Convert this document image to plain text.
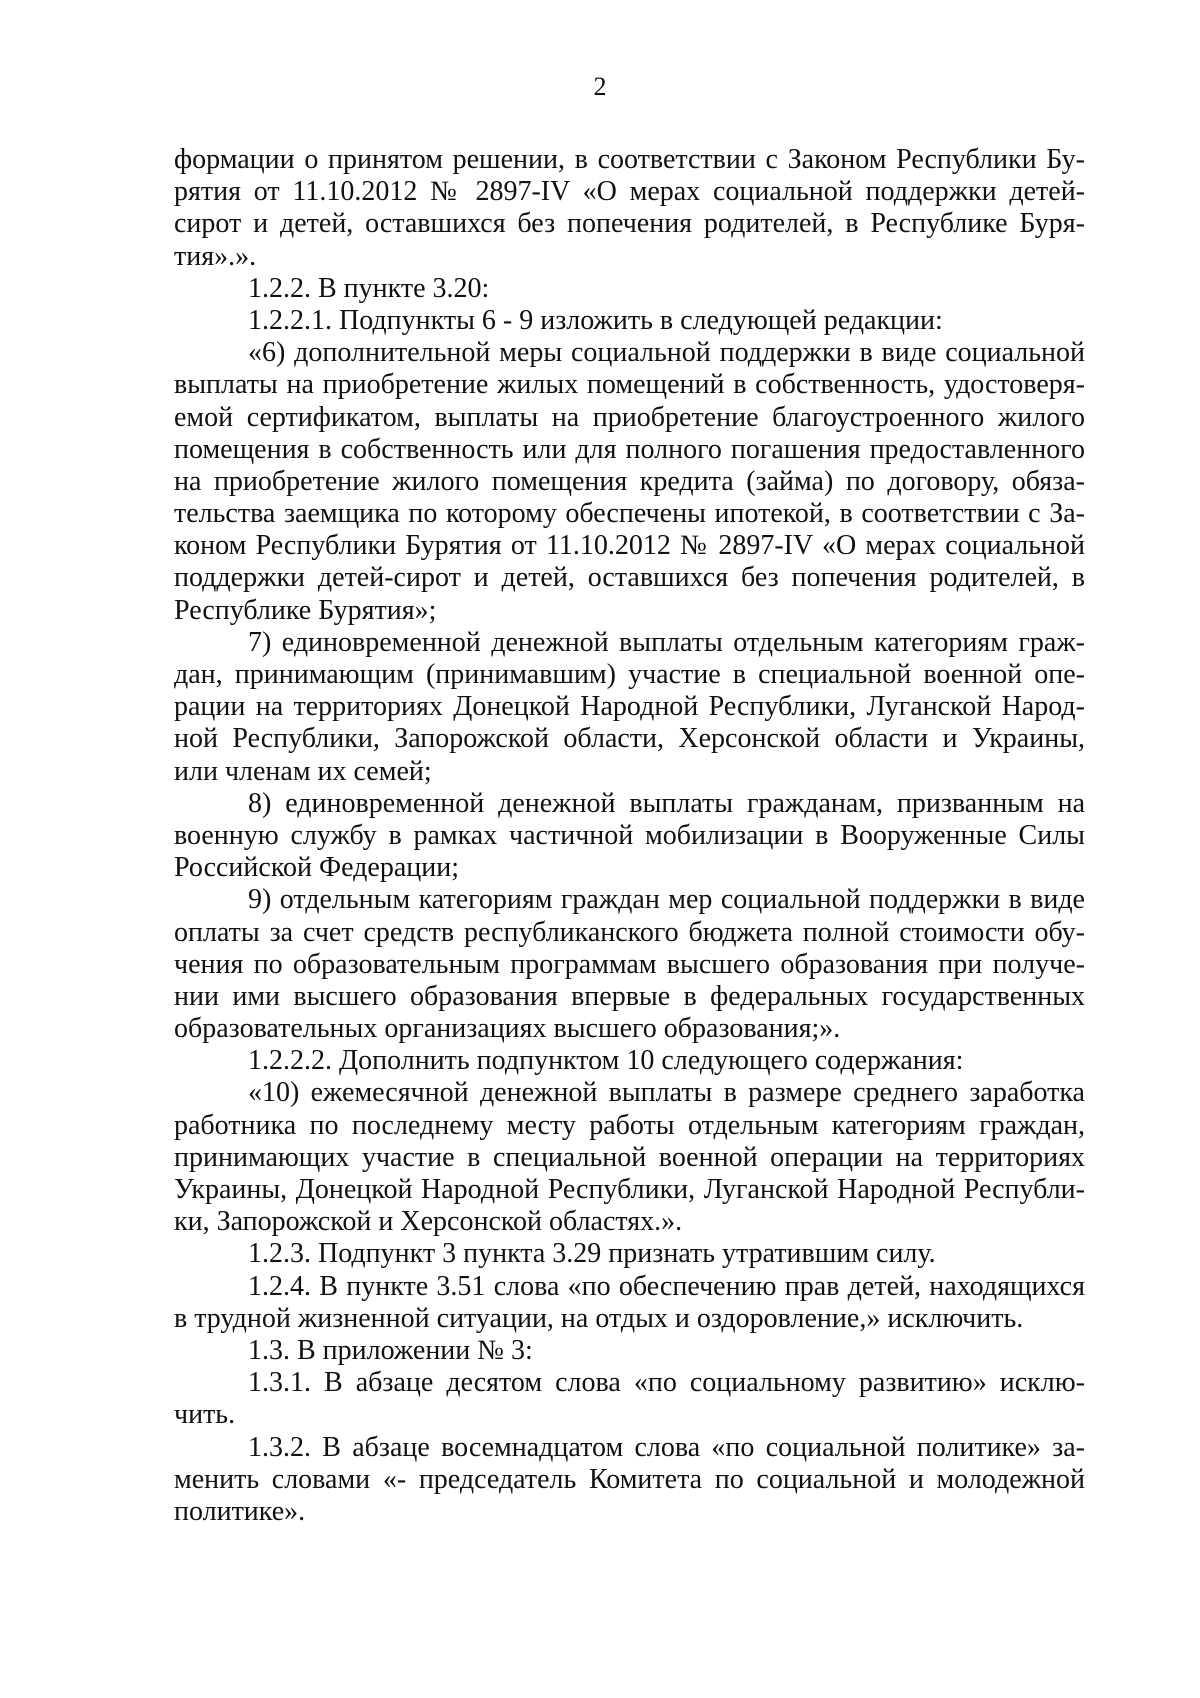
2
формации о принятом решении, в соответствии с Законом Республики Бу-
рятия от 11.10.2012 № 2897-IV «О мерах социальной поддержки детей-
сирот и детей, оставшихся без попечения родителей, в Республике Буря-
тия».».
1.2.2. В пункте 3.20:
1.2.2.1. Подпункты 6 - 9 изложить в следующей редакции:
«6) дополнительной меры социальной поддержки в виде социальной
выплаты на приобретение жилых помещений в собственность, удостоверя-
емой сертификатом, выплаты на приобретение благоустроенного жилого
помещения в собственность или для полного погашения предоставленного
на приобретение жилого помещения кредита (займа) по договору, обяза-
тельства заемщика по которому обеспечены ипотекой, в соответствии с За-
коном Республики Бурятия от 11.10.2012 № 2897-IV «О мерах социальной
поддержки детей-сирот и детей, оставшихся без попечения родителей, в
Республике Бурятия»;
7) единовременной денежной выплаты отдельным категориям граж-
дан, принимающим (принимавшим) участие в специальной военной опе-
рации на территориях Донецкой Народной Республики, Луганской Народ-
ной Республики, Запорожской области, Херсонской области и Украины,
или членам их семей;
8) единовременной денежной выплаты гражданам, призванным на
военную службу в рамках частичной мобилизации в Вооруженные Силы
Российской Федерации;
9) отдельным категориям граждан мер социальной поддержки в виде
оплаты за счет средств республиканского бюджета полной стоимости обу-
чения по образовательным программам высшего образования при получе-
нии ими высшего образования впервые в федеральных государственных
образовательных организациях высшего образования;».
1.2.2.2. Дополнить подпунктом 10 следующего содержания:
«10) ежемесячной денежной выплаты в размере среднего заработка
работника по последнему месту работы отдельным категориям граждан,
принимающих участие в специальной военной операции на территориях
Украины, Донецкой Народной Республики, Луганской Народной Республи-
ки, Запорожской и Херсонской областях.».
1.2.3. Подпункт 3 пункта 3.29 признать утратившим силу.
1.2.4. В пункте 3.51 слова «по обеспечению прав детей, находящихся
в трудной жизненной ситуации, на отдых и оздоровление,» исключить.
1.3. В приложении № 3:
1.3.1. В абзаце десятом слова «по социальному развитию» исклю-
чить.
1.3.2. В абзаце восемнадцатом слова «по социальной политике» за-
менить словами «- председатель Комитета по социальной и молодежной
политике».
